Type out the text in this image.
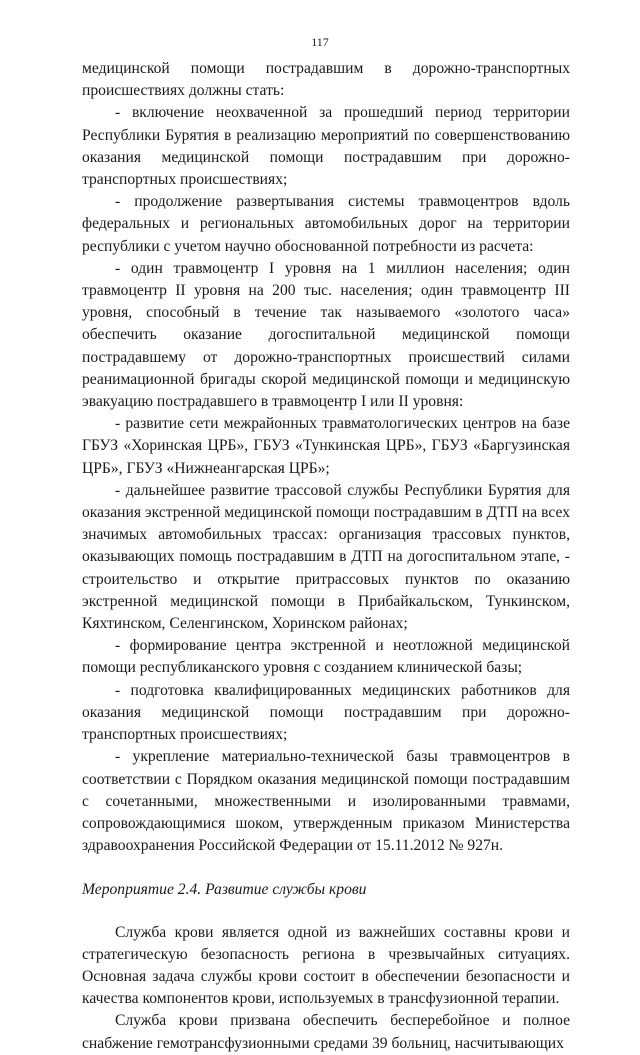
117

медицинской помощи пострадавшим в дорожно-транспортных происшествиях должны стать:

- включение неохваченной за прошедший период территории Республики Бурятия в реализацию мероприятий по совершенствованию оказания медицинской помощи пострадавшим при дорожно-транспортных происшествиях;

- продолжение развертывания системы травмоцентров вдоль федеральных и региональных автомобильных дорог на территории республики с учетом научно обоснованной потребности из расчета:

- один травмоцентр I уровня на 1 миллион населения; один травмоцентр II уровня на 200 тыс. населения; один травмоцентр III уровня, способный в течение так называемого «золотого часа» обеспечить оказание догоспитальной медицинской помощи пострадавшему от дорожно-транспортных происшествий силами реанимационной бригады скорой медицинской помощи и медицинскую эвакуацию пострадавшего в травмоцентр I или II уровня:

- развитие сети межрайонных травматологических центров на базе ГБУЗ «Хоринская ЦРБ», ГБУЗ «Тункинская ЦРБ», ГБУЗ «Баргузинская ЦРБ», ГБУЗ «Нижнеангарская ЦРБ»;

- дальнейшее развитие трассовой службы Республики Бурятия для оказания экстренной медицинской помощи пострадавшим в ДТП на всех значимых автомобильных трассах: организация трассовых пунктов, оказывающих помощь пострадавшим в ДТП на догоспитальном этапе, - строительство и открытие притрассовых пунктов по оказанию экстренной медицинской помощи в Прибайкальском, Тункинском, Кяхтинском, Селенгинском, Хоринском районах;

- формирование центра экстренной и неотложной медицинской помощи республиканского уровня с созданием клинической базы;

- подготовка квалифицированных медицинских работников для оказания медицинской помощи пострадавшим при дорожно-транспортных происшествиях;

- укрепление материально-технической базы травмоцентров в соответствии с Порядком оказания медицинской помощи пострадавшим с сочетанными, множественными и изолированными травмами, сопровождающимися шоком, утвержденным приказом Министерства здравоохранения Российской Федерации от 15.11.2012 № 927н.

Мероприятие 2.4. Развитие службы крови

Служба крови является одной из важнейших составны крови и стратегическую безопасность региона в чрезвычайных ситуациях. Основная задача службы крови состоит в обеспечении безопасности и качества компонентов крови, используемых в трансфузионной терапии.

Служба крови призвана обеспечить бесперебойное и полное снабжение гемотрансфузионными средами 39 больниц, насчитывающих
